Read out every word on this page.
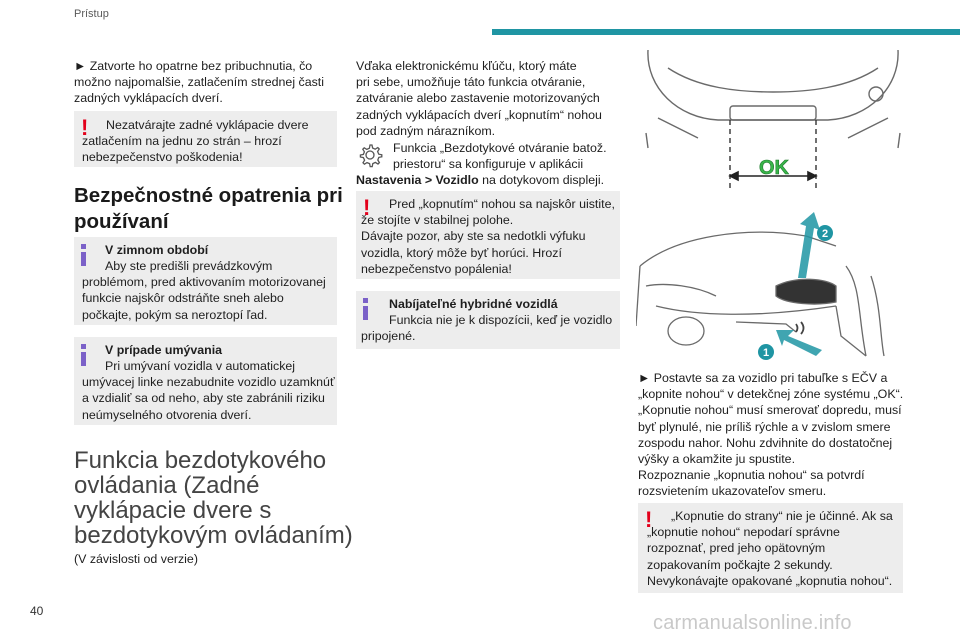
Prístup

► Zatvorte ho opatrne bez pribuchnutia, čo
možno najpomalšie, zatlačením strednej časti
zadných vyklápacích dverí.

!	Nezatvárajte zadné vyklápacie dvere
zatlačením na jednu zo strán – hrozí
nebezpečenstvo poškodenia!

Bezpečnostné opatrenia pri
používaní

V zimnom období

Aby ste predišli prevádzkovým
problémom, pred aktivovaním motorizovanej
funkcie najskôr odstráňte sneh alebo
počkajte, pokým sa neroztopí ľad.

V prípade umývania

Pri umývaní vozidla v automatickej
umývacej linke nezabudnite vozidlo uzamknúť
a vzdialiť sa od neho, aby ste zabránili riziku
neúmyselného otvorenia dverí.

Funkcia bezdotykového
ovládania (Zadné
vyklápacie dvere s
bezdotykovým ovládaním)

(V závislosti od verzie)

Vďaka elektronickému kľúču, ktorý máte
pri sebe, umožňuje táto funkcia otváranie,
zatváranie alebo zastavenie motorizovaných
zadných vyklápacích dverí „kopnutím“ nohou
pod zadným nárazníkom.

Funkcia „Bezdotykové otváranie batož.
priestoru“ sa konfiguruje v aplikácii

Nastavenia > Vozidlo na dotykovom displeji.

!	Pred „kopnutím“ nohou sa najskôr uistite,
že stojíte v stabilnej polohe.
Dávajte pozor, aby ste sa nedotkli výfuku
vozidla, ktorý môže byť horúci. Hrozí
nebezpečenstvo popálenia!

Nabíjateľné hybridné vozidlá

Funkcia nie je k dispozícii, keď je vozidlo
pripojené.

OK
2
1

► Postavte sa za vozidlo pri tabuľke s EČV a
„kopnite nohou“ v detekčnej zóne systému „OK“.
„Kopnutie nohou“ musí smerovať dopredu, musí
byť plynulé, nie príliš rýchle a v zvislom smere
zospodu nahor. Nohu zdvihnite do dostatočnej
výšky a okamžite ju spustite.
Rozpoznanie „kopnutia nohou“ sa potvrdí
rozsvietením ukazovateľov smeru.

!	„Kopnutie do strany“ nie je účinné. Ak sa
„kopnutie nohou“ nepodarí správne
rozpoznať, pred jeho opätovným
zopakovaním počkajte 2 sekundy.
Nevykonávajte opakované „kopnutia nohou“.

40
carmanualsonline.info
